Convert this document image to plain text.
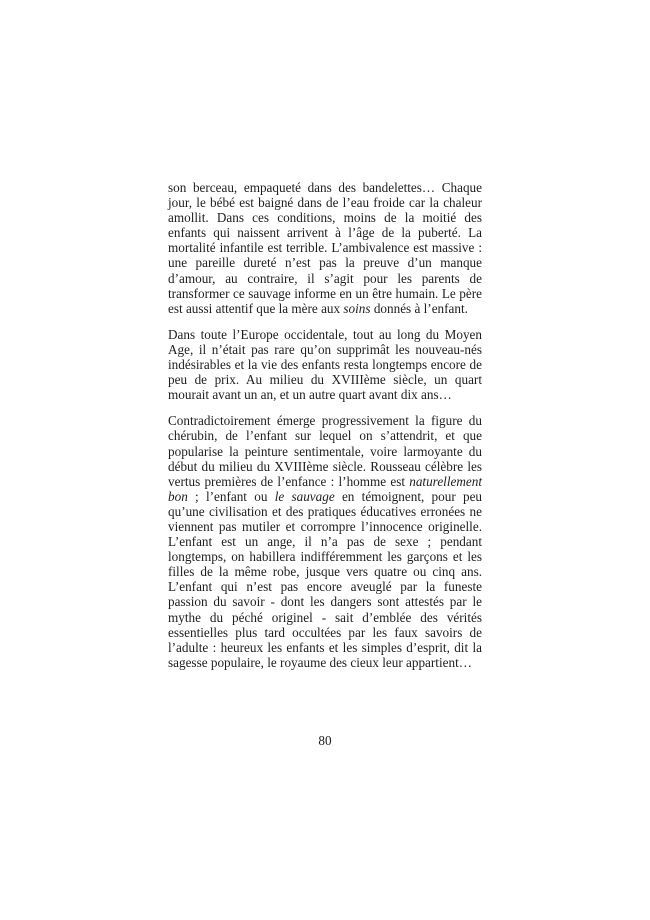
son berceau, empaqueté dans des bandelettes… Chaque jour, le bébé est baigné dans de l’eau froide car la chaleur amollit. Dans ces conditions, moins de la moitié des enfants qui naissent arrivent à l’âge de la puberté. La mortalité infantile est terrible. L’ambivalence est massive : une pareille dureté n’est pas la preuve d’un manque d’amour, au contraire, il s’agit pour les parents de transformer ce sauvage informe en un être humain. Le père est aussi attentif que la mère aux soins donnés à l’enfant.

Dans toute l’Europe occidentale, tout au long du Moyen Age, il n’était pas rare qu’on supprimât les nouveau-nés indésirables et la vie des enfants resta longtemps encore de peu de prix. Au milieu du XVIIIème siècle, un quart mourait avant un an, et un autre quart avant dix ans…

Contradictoirement émerge progressivement la figure du chérubin, de l’enfant sur lequel on s’attendrit, et que popularise la peinture sentimentale, voire larmoyante du début du milieu du XVIIIème siècle. Rousseau célèbre les vertus premières de l’enfance : l’homme est naturellement bon ; l’enfant ou le sauvage en témoignent, pour peu qu’une civilisation et des pratiques éducatives erronées ne viennent pas mutiler et corrompre l’innocence originelle. L’enfant est un ange, il n’a pas de sexe ; pendant longtemps, on habillera indifféremment les garçons et les filles de la même robe, jusque vers quatre ou cinq ans. L’enfant qui n’est pas encore aveuglé par la funeste passion du savoir - dont les dangers sont attestés par le mythe du péché originel - sait d’emblée des vérités essentielles plus tard occultées par les faux savoirs de l’adulte : heureux les enfants et les simples d’esprit, dit la sagesse populaire, le royaume des cieux leur appartient…

80
